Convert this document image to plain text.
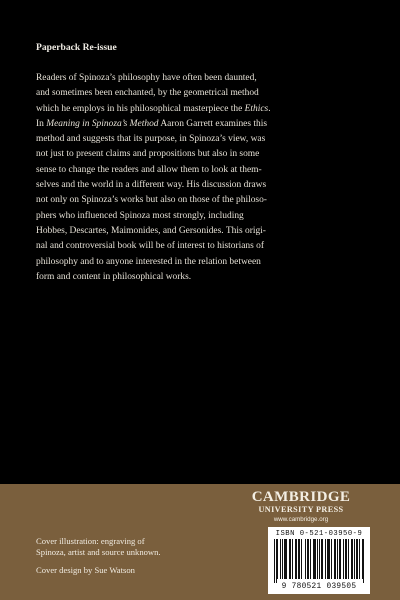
Paperback Re-issue
Readers of Spinoza’s philosophy have often been daunted,
and sometimes been enchanted, by the geometrical method
which he employs in his philosophical masterpiece the Ethics.
In Meaning in Spinoza’s Method Aaron Garrett examines this
method and suggests that its purpose, in Spinoza’s view, was
not just to present claims and propositions but also in some
sense to change the readers and allow them to look at them-
selves and the world in a different way. His discussion draws
not only on Spinoza’s works but also on those of the philoso-
phers who influenced Spinoza most strongly, including
Hobbes, Descartes, Maimonides, and Gersonides. This origi-
nal and controversial book will be of interest to historians of
philosophy and to anyone interested in the relation between
form and content in philosophical works.
CAMBRIDGE
UNIVERSITY PRESS
www.cambridge.org
Cover illustration: engraving of
Spinoza, artist and source unknown.
Cover design by Sue Watson
ISBN 0-521-03950-9
9 780521 039505
